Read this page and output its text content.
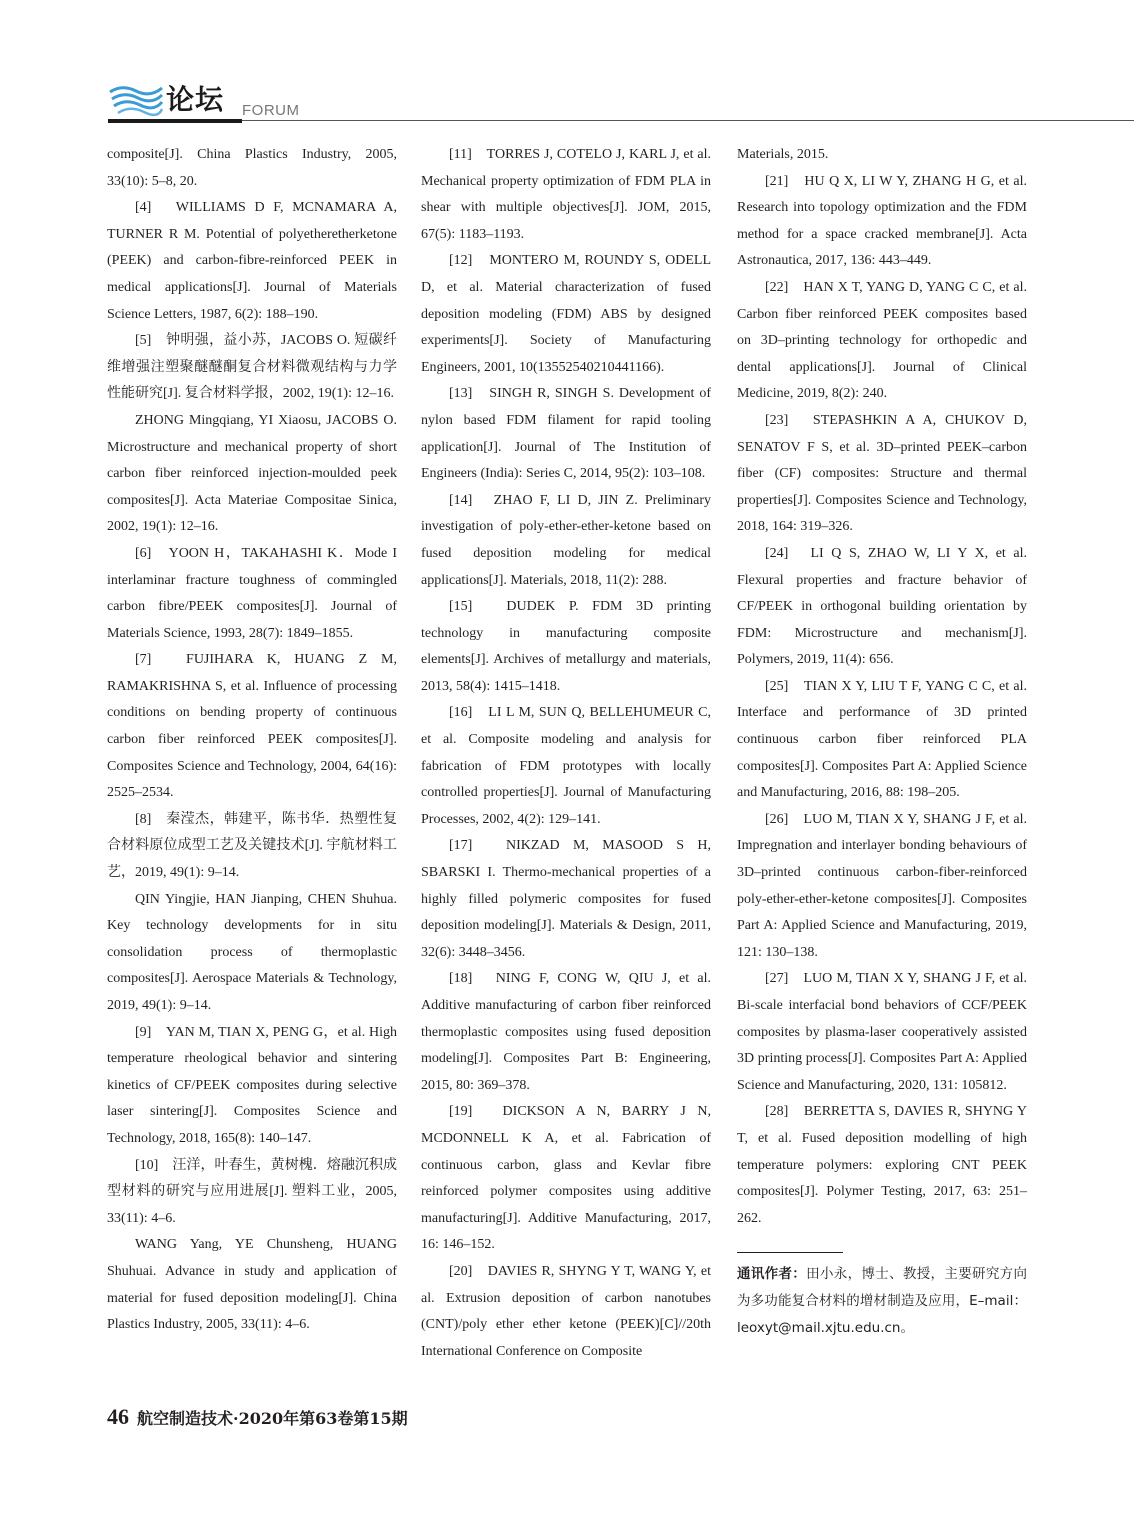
论坛 FORUM

composite[J]. China Plastics Industry, 2005, 33(10): 5–8, 20.

[4]　WILLIAMS D F, MCNAMARA A, TURNER R M. Potential of polyetheretherketone (PEEK) and carbon-fibre-reinforced PEEK in medical applications[J]. Journal of Materials Science Letters, 1987, 6(2): 188–190.

[5]　钟明强，益小苏，JACOBS O. 短碳纤维增强注塑聚醚醚酮复合材料微观结构与力学性能研究[J]. 复合材料学报，2002, 19(1): 12–16.

ZHONG Mingqiang, YI Xiaosu, JACOBS O. Microstructure and mechanical property of short carbon fiber reinforced injection-moulded peek composites[J]. Acta Materiae Compositae Sinica, 2002, 19(1): 12–16.

[6]　YOON H，TAKAHASHI K．Mode I interlaminar fracture toughness of commingled carbon fibre/PEEK composites[J]. Journal of Materials Science, 1993, 28(7): 1849–1855.

[7]　FUJIHARA K, HUANG Z M, RAMAKRISHNA S, et al. Influence of processing conditions on bending property of continuous carbon fiber reinforced PEEK composites[J]. Composites Science and Technology, 2004, 64(16): 2525–2534.

[8]　秦滢杰，韩建平，陈书华．热塑性复合材料原位成型工艺及关键技术[J]. 宇航材料工艺，2019, 49(1): 9–14.

QIN Yingjie, HAN Jianping, CHEN Shuhua. Key technology developments for in situ consolidation process of thermoplastic composites[J]. Aerospace Materials & Technology, 2019, 49(1): 9–14.

[9]　YAN M, TIAN X, PENG G，et al. High temperature rheological behavior and sintering kinetics of CF/PEEK composites during selective laser sintering[J]. Composites Science and Technology, 2018, 165(8): 140–147.

[10]　汪洋，叶春生，黄树槐．熔融沉积成型材料的研究与应用进展[J]. 塑料工业，2005, 33(11): 4–6.

WANG Yang, YE Chunsheng, HUANG Shuhuai. Advance in study and application of material for fused deposition modeling[J]. China Plastics Industry, 2005, 33(11): 4–6.

[11]　TORRES J, COTELO J, KARL J, et al. Mechanical property optimization of FDM PLA in shear with multiple objectives[J]. JOM, 2015, 67(5): 1183–1193.

[12]　MONTERO M, ROUNDY S, ODELL D, et al. Material characterization of fused deposition modeling (FDM) ABS by designed experiments[J]. Society of Manufacturing Engineers, 2001, 10(13552540210441166).

[13]　SINGH R, SINGH S. Development of nylon based FDM filament for rapid tooling application[J]. Journal of The Institution of Engineers (India): Series C, 2014, 95(2): 103–108.

[14]　ZHAO F, LI D, JIN Z. Preliminary investigation of poly-ether-ether-ketone based on fused deposition modeling for medical applications[J]. Materials, 2018, 11(2): 288.

[15]　DUDEK P. FDM 3D printing technology in manufacturing composite elements[J]. Archives of metallurgy and materials, 2013, 58(4): 1415–1418.

[16]　LI L M, SUN Q, BELLEHUMEUR C, et al. Composite modeling and analysis for fabrication of FDM prototypes with locally controlled properties[J]. Journal of Manufacturing Processes, 2002, 4(2): 129–141.

[17]　NIKZAD M, MASOOD S H, SBARSKI I. Thermo-mechanical properties of a highly filled polymeric composites for fused deposition modeling[J]. Materials & Design, 2011, 32(6): 3448–3456.

[18]　NING F, CONG W, QIU J, et al. Additive manufacturing of carbon fiber reinforced thermoplastic composites using fused deposition modeling[J]. Composites Part B: Engineering, 2015, 80: 369–378.

[19]　DICKSON A N, BARRY J N, MCDONNELL K A, et al. Fabrication of continuous carbon, glass and Kevlar fibre reinforced polymer composites using additive manufacturing[J]. Additive Manufacturing, 2017, 16: 146–152.

[20]　DAVIES R, SHYNG Y T, WANG Y, et al. Extrusion deposition of carbon nanotubes (CNT)/poly ether ether ketone (PEEK)[C]//20th International Conference on Composite

Materials, 2015.

[21]　HU Q X, LI W Y, ZHANG H G, et al. Research into topology optimization and the FDM method for a space cracked membrane[J]. Acta Astronautica, 2017, 136: 443–449.

[22]　HAN X T, YANG D, YANG C C, et al. Carbon fiber reinforced PEEK composites based on 3D–printing technology for orthopedic and dental applications[J]. Journal of Clinical Medicine, 2019, 8(2): 240.

[23]　STEPASHKIN A A, CHUKOV D, SENATOV F S, et al. 3D–printed PEEK–carbon fiber (CF) composites: Structure and thermal properties[J]. Composites Science and Technology, 2018, 164: 319–326.

[24]　LI Q S, ZHAO W, LI Y X, et al. Flexural properties and fracture behavior of CF/PEEK in orthogonal building orientation by FDM: Microstructure and mechanism[J]. Polymers, 2019, 11(4): 656.

[25]　TIAN X Y, LIU T F, YANG C C, et al. Interface and performance of 3D printed continuous carbon fiber reinforced PLA composites[J]. Composites Part A: Applied Science and Manufacturing, 2016, 88: 198–205.

[26]　LUO M, TIAN X Y, SHANG J F, et al. Impregnation and interlayer bonding behaviours of 3D–printed continuous carbon-fiber-reinforced poly-ether-ether-ketone composites[J]. Composites Part A: Applied Science and Manufacturing, 2019, 121: 130–138.

[27]　LUO M, TIAN X Y, SHANG J F, et al. Bi-scale interfacial bond behaviors of CCF/PEEK composites by plasma-laser cooperatively assisted 3D printing process[J]. Composites Part A: Applied Science and Manufacturing, 2020, 131: 105812.

[28]　BERRETTA S, DAVIES R, SHYNG Y T, et al. Fused deposition modelling of high temperature polymers: exploring CNT PEEK composites[J]. Polymer Testing, 2017, 63: 251–262.

通讯作者：田小永，博士、教授，主要研究方向为多功能复合材料的增材制造及应用，E–mail：leoxyt@mail.xjtu.edu.cn。
46 航空制造技术·2020年第63卷第15期
